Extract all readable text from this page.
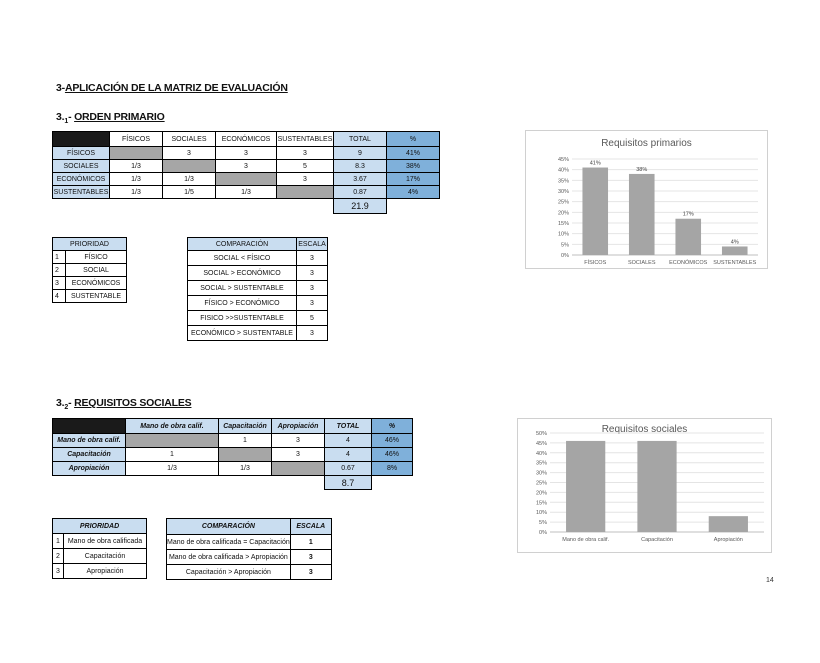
3-APLICACIÓN DE LA MATRIZ DE EVALUACIÓN
$3._1-$ ORDEN PRIMARIO
	FÍSICOS	SOCIALES	ECONÓMICOS	SUSTENTABLES	TOTAL	%
FÍSICOS		3	3	3	9	41%
SOCIALES	1/3		3	5	8.3	38%
ECONÓMICOS	1/3	1/3		3	3.67	17%
SUSTENTABLES	1/3	1/5	1/3		0.87	4%
					21.9	
PRIORIDAD	
1	FÍSICO
2	SOCIAL
3	ECONÓMICOS
4	SUSTENTABLE
COMPARACIÓN	ESCALA
SOCIAL < FÍSICO	3
SOCIAL > ECONÓMICO	3
SOCIAL > SUSTENTABLE	3
FÍSICO > ECONÓMICO	3
FISICO >>SUSTENTABLE	5
ECONÓMICO > SUSTENTABLE	3
Requisitos primarios
0%
5%
10%
15%
20%
25%
30%
35%
40%
45%
41%
FÍSICOS
38%
SOCIALES
17%
ECONÓMICOS
4%
SUSTENTABLES
$3._2-$ REQUISITOS SOCIALES
	Mano de obra calif.	Capacitación	Apropiación	TOTAL	%
Mano de obra calif.		1	3	4	46%
Capacitación	1		3	4	46%
Apropiación	1/3	1/3		0.67	8%
				8.7	
PRIORIDAD	
1	Mano de obra calificada
2	Capacitación
3	Apropiación
COMPARACIÓN	ESCALA
Mano de obra calificada = Capacitación	1
Mano de obra calificada > Apropiación	3
Capacitación > Apropiación	3
Requisitos sociales
0%
5%
10%
15%
20%
25%
30%
35%
40%
45%
50%
Mano de obra calif.	Capacitación	Apropiación
14
